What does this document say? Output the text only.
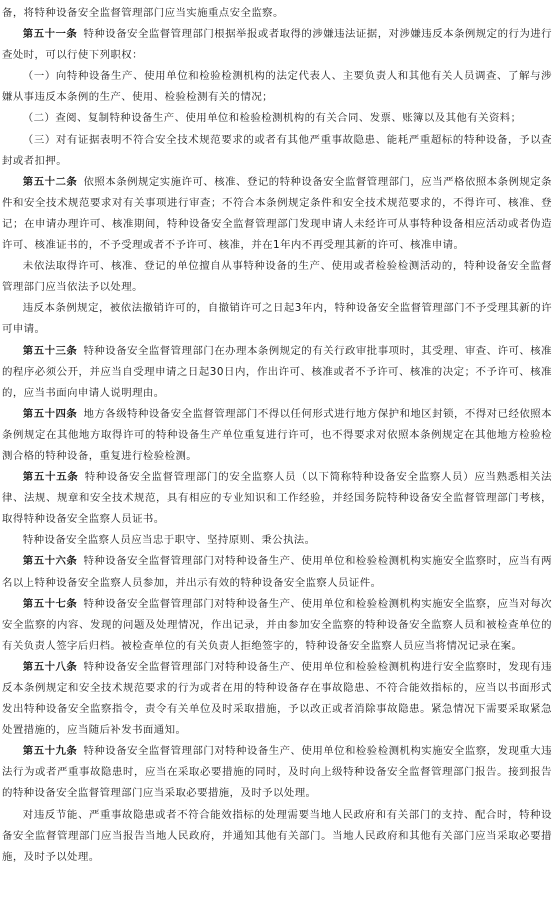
备，将特种设备安全监督管理部门应当实施重点安全监察。

第五十一条 特种设备安全监督管理部门根据举报或者取得的涉嫌违法证据，对涉嫌违反本条例规定的行为进行查处时，可以行使下列职权：

（一）向特种设备生产、使用单位和检验检测机构的法定代表人、主要负责人和其他有关人员调查、了解与涉嫌从事违反本条例的生产、使用、检验检测有关的情况；

（二）查阅、复制特种设备生产、使用单位和检验检测机构的有关合同、发票、账簿以及其他有关资料；

（三）对有证据表明不符合安全技术规范要求的或者有其他严重事故隐患、能耗严重超标的特种设备，予以查封或者扣押。

第五十二条 依照本条例规定实施许可、核准、登记的特种设备安全监督管理部门，应当严格依照本条例规定条件和安全技术规范要求对有关事项进行审查；不符合本条例规定条件和安全技术规范要求的，不得许可、核准、登记；在申请办理许可、核准期间，特种设备安全监督管理部门发现申请人未经许可从事特种设备相应活动或者伪造许可、核准证书的，不予受理或者不予许可、核准，并在1年内不再受理其新的许可、核准申请。

未依法取得许可、核准、登记的单位擅自从事特种设备的生产、使用或者检验检测活动的，特种设备安全监督管理部门应当依法予以处理。

违反本条例规定，被依法撤销许可的，自撤销许可之日起3年内，特种设备安全监督管理部门不予受理其新的许可申请。

第五十三条 特种设备安全监督管理部门在办理本条例规定的有关行政审批事项时，其受理、审查、许可、核准的程序必须公开，并应当自受理申请之日起30日内，作出许可、核准或者不予许可、核准的决定；不予许可、核准的，应当书面向申请人说明理由。

第五十四条 地方各级特种设备安全监督管理部门不得以任何形式进行地方保护和地区封锁，不得对已经依照本条例规定在其他地方取得许可的特种设备生产单位重复进行许可，也不得要求对依照本条例规定在其他地方检验检测合格的特种设备，重复进行检验检测。

第五十五条 特种设备安全监督管理部门的安全监察人员（以下简称特种设备安全监察人员）应当熟悉相关法律、法规、规章和安全技术规范，具有相应的专业知识和工作经验，并经国务院特种设备安全监督管理部门考核，取得特种设备安全监察人员证书。

特种设备安全监察人员应当忠于职守、坚持原则、秉公执法。

第五十六条 特种设备安全监督管理部门对特种设备生产、使用单位和检验检测机构实施安全监察时，应当有两名以上特种设备安全监察人员参加，并出示有效的特种设备安全监察人员证件。

第五十七条 特种设备安全监督管理部门对特种设备生产、使用单位和检验检测机构实施安全监察，应当对每次安全监察的内容、发现的问题及处理情况，作出记录，并由参加安全监察的特种设备安全监察人员和被检查单位的有关负责人签字后归档。被检查单位的有关负责人拒绝签字的，特种设备安全监察人员应当将情况记录在案。

第五十八条 特种设备安全监督管理部门对特种设备生产、使用单位和检验检测机构进行安全监察时，发现有违反本条例规定和安全技术规范要求的行为或者在用的特种设备存在事故隐患、不符合能效指标的，应当以书面形式发出特种设备安全监察指令，责令有关单位及时采取措施，予以改正或者消除事故隐患。紧急情况下需要采取紧急处置措施的，应当随后补发书面通知。

第五十九条 特种设备安全监督管理部门对特种设备生产、使用单位和检验检测机构实施安全监察，发现重大违法行为或者严重事故隐患时，应当在采取必要措施的同时，及时向上级特种设备安全监督管理部门报告。接到报告的特种设备安全监督管理部门应当采取必要措施，及时予以处理。

对违反节能、严重事故隐患或者不符合能效指标的处理需要当地人民政府和有关部门的支持、配合时，特种设备安全监督管理部门应当报告当地人民政府，并通知其他有关部门。当地人民政府和其他有关部门应当采取必要措施，及时予以处理。
